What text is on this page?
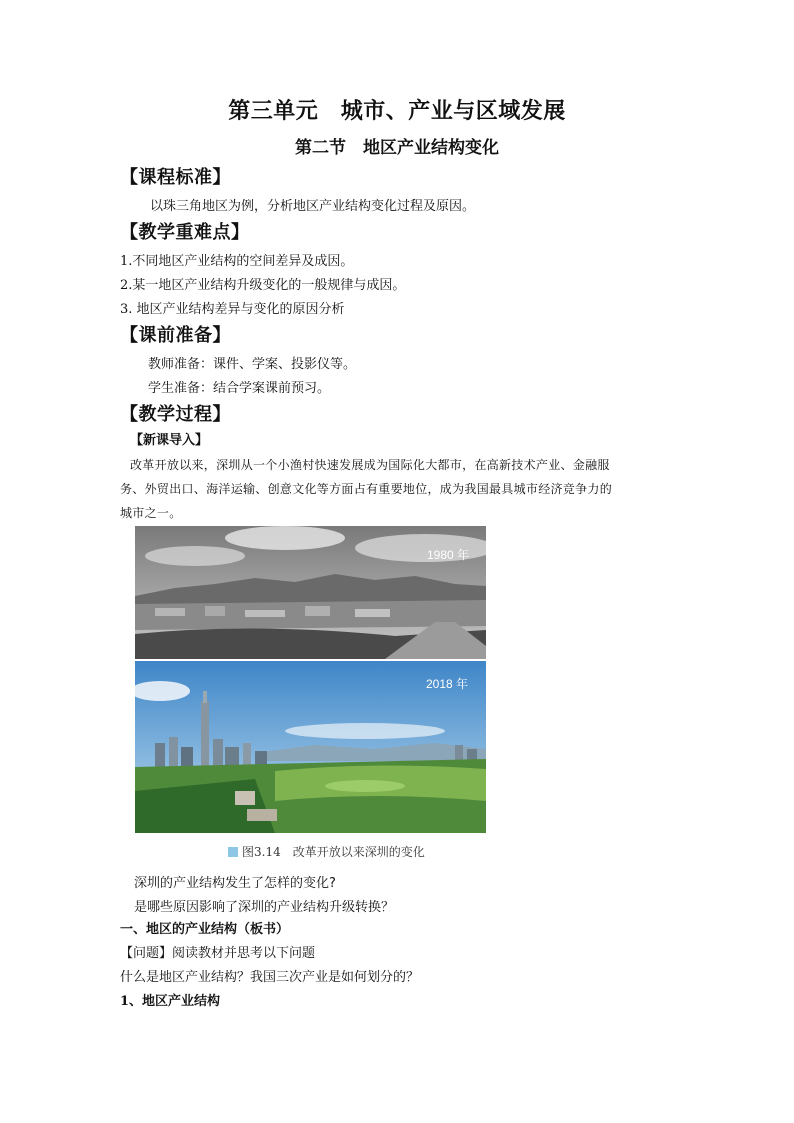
第三单元　城市、产业与区域发展
第二节　地区产业结构变化
【课程标准】
以珠三角地区为例，分析地区产业结构变化过程及原因。
【教学重难点】
1.不同地区产业结构的空间差异及成因。
2.某一地区产业结构升级变化的一般规律与成因。
3. 地区产业结构差异与变化的原因分析
【课前准备】
教师准备：课件、学案、投影仪等。
学生准备：结合学案课前预习。
【教学过程】
【新课导入】
改革开放以来，深圳从一个小渔村快速发展成为国际化大都市，在高新技术产业、金融服
务、外贸出口、海洋运输、创意文化等方面占有重要地位，成为我国最具城市经济竞争力的
城市之一。
1980 年
2018 年
图3.14　改革开放以来深圳的变化
深圳的产业结构发生了怎样的变化?
是哪些原因影响了深圳的产业结构升级转换？
一、地区的产业结构（板书）
【问题】阅读教材并思考以下问题
什么是地区产业结构？我国三次产业是如何划分的？
1、地区产业结构
